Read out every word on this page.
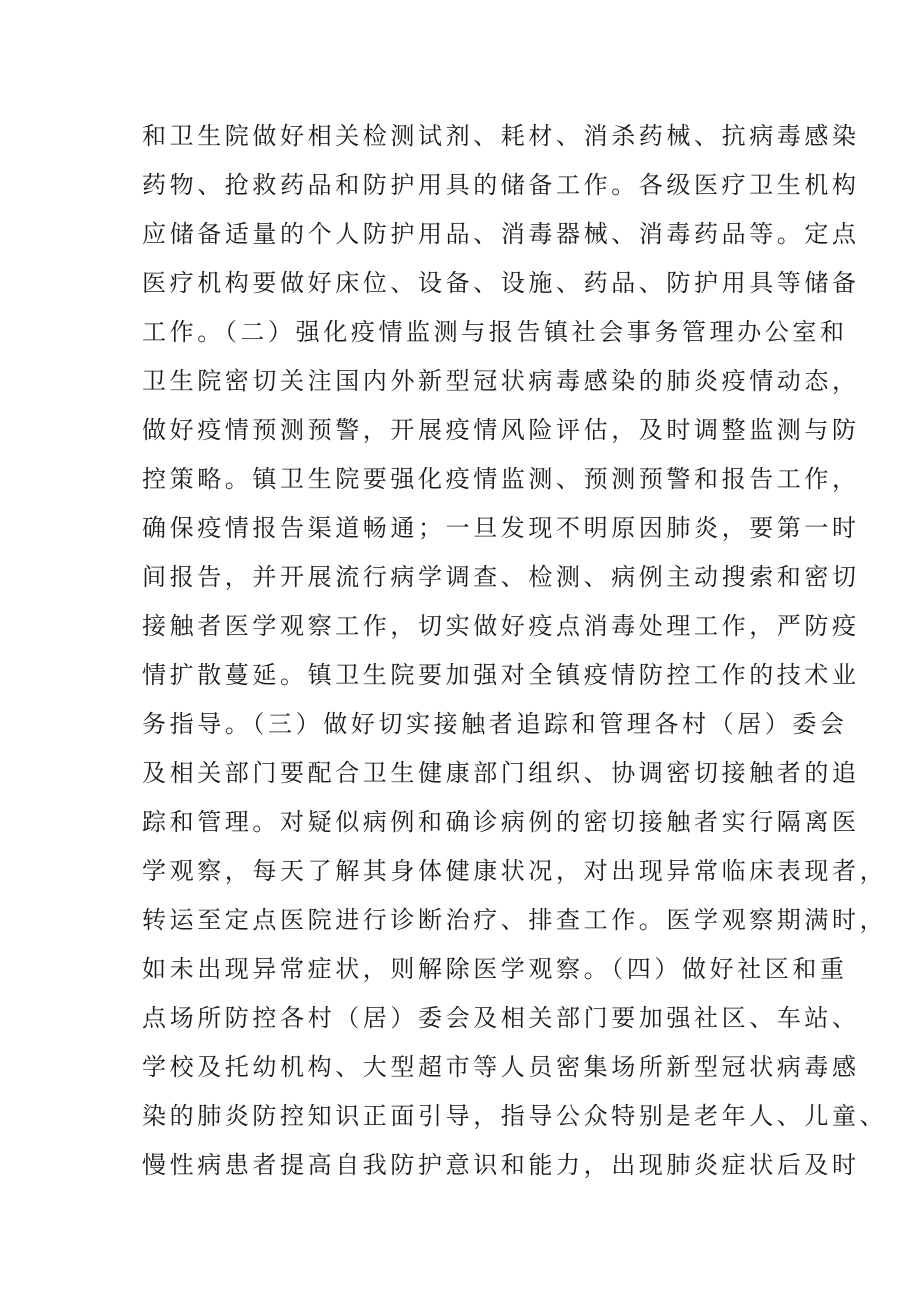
和卫生院做好相关检测试剂、耗材、消杀药械、抗病毒感染
药物、抢救药品和防护用具的储备工作。各级医疗卫生机构
应储备适量的个人防护用品、消毒器械、消毒药品等。定点
医疗机构要做好床位、设备、设施、药品、防护用具等储备
工作。（二）强化疫情监测与报告镇社会事务管理办公室和
卫生院密切关注国内外新型冠状病毒感染的肺炎疫情动态，
做好疫情预测预警，开展疫情风险评估，及时调整监测与防
控策略。镇卫生院要强化疫情监测、预测预警和报告工作，
确保疫情报告渠道畅通；一旦发现不明原因肺炎，要第一时
间报告，并开展流行病学调查、检测、病例主动搜索和密切
接触者医学观察工作，切实做好疫点消毒处理工作，严防疫
情扩散蔓延。镇卫生院要加强对全镇疫情防控工作的技术业
务指导。（三）做好切实接触者追踪和管理各村（居）委会
及相关部门要配合卫生健康部门组织、协调密切接触者的追
踪和管理。对疑似病例和确诊病例的密切接触者实行隔离医
学观察，每天了解其身体健康状况，对出现异常临床表现者，
转运至定点医院进行诊断治疗、排查工作。医学观察期满时，
如未出现异常症状，则解除医学观察。（四）做好社区和重
点场所防控各村（居）委会及相关部门要加强社区、车站、
学校及托幼机构、大型超市等人员密集场所新型冠状病毒感
染的肺炎防控知识正面引导，指导公众特别是老年人、儿童、
慢性病患者提高自我防护意识和能力，出现肺炎症状后及时
